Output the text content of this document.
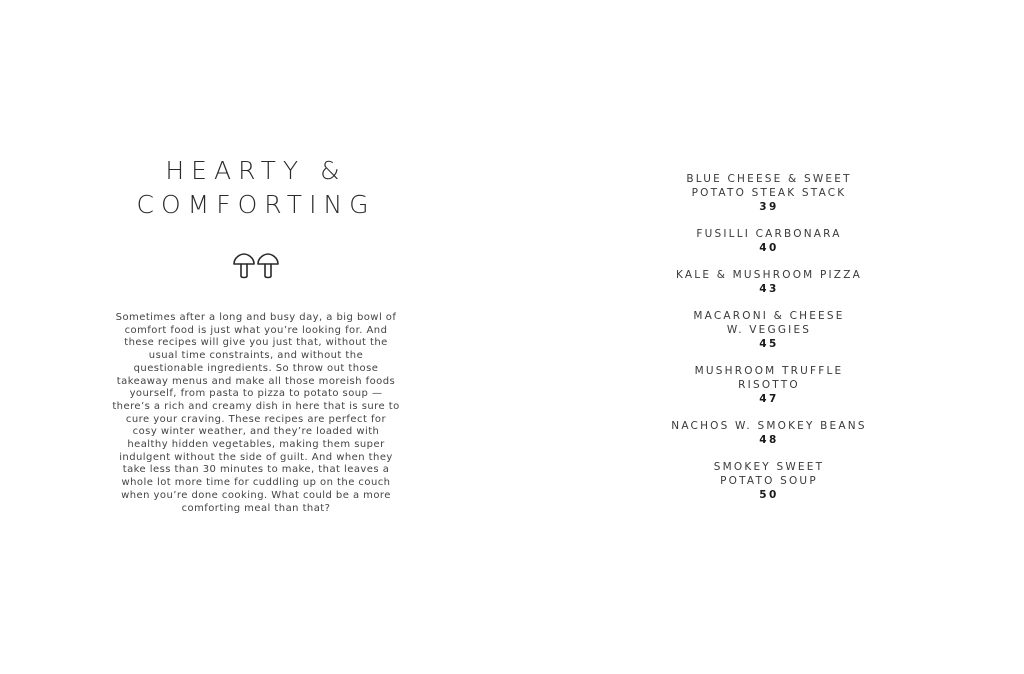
HEARTY &
COMFORTING

Sometimes after a long and busy day, a big bowl of comfort food is just what you’re looking for. And these recipes will give you just that, without the usual time constraints, and without the questionable ingredients. So throw out those takeaway menus and make all those moreish foods yourself, from pasta to pizza to potato soup — there’s a rich and creamy dish in here that is sure to cure your craving. These recipes are perfect for cosy winter weather, and they’re loaded with healthy hidden vegetables, making them super indulgent without the side of guilt. And when they take less than 30 minutes to make, that leaves a whole lot more time for cuddling up on the couch when you’re done cooking. What could be a more comforting meal than that?

BLUE CHEESE & SWEET
POTATO STEAK STACK
39
FUSILLI CARBONARA
40
KALE & MUSHROOM PIZZA
43
MACARONI & CHEESE
W. VEGGIES
45
MUSHROOM TRUFFLE
RISOTTO
47
NACHOS W. SMOKEY BEANS
48
SMOKEY SWEET
POTATO SOUP
50
